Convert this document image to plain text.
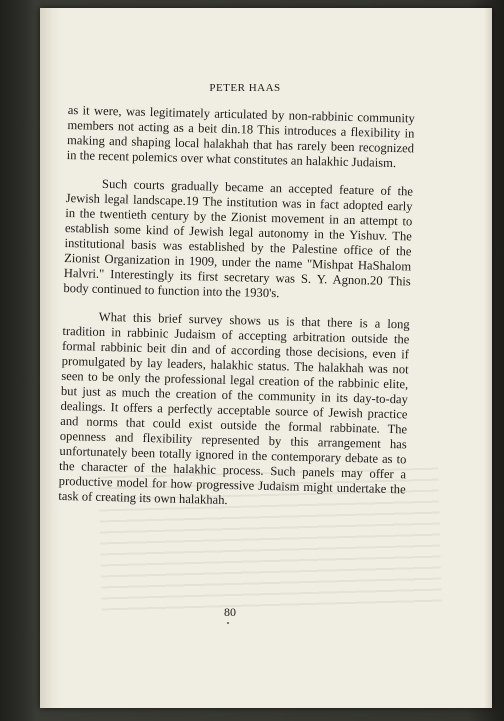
PETER HAAS

as it were, was legitimately articulated by non-rabbinic community members not acting as a beit din.18 This introduces a flexibility in making and shaping local halakhah that has rarely been recognized in the recent polemics over what constitutes an halakhic Judaism.

Such courts gradually became an accepted feature of the Jewish legal landscape.19 The institution was in fact adopted early in the twentieth century by the Zionist movement in an attempt to establish some kind of Jewish legal autonomy in the Yishuv. The institutional basis was established by the Palestine office of the Zionist Organization in 1909, under the name "Mishpat HaShalom Halvri." Interestingly its first secretary was S. Y. Agnon.20 This body continued to function into the 1930's.

What this brief survey shows us is that there is a long tradition in rabbinic Judaism of accepting arbitration outside the formal rabbinic beit din and of according those decisions, even if promulgated by lay leaders, halakhic status. The halakhah was not seen to be only the professional legal creation of the rabbinic elite, but just as much the creation of the community in its day-to-day dealings. It offers a perfectly acceptable source of Jewish practice and norms that could exist outside the formal rabbinate. The openness and flexibility represented by this arrangement has unfortunately been totally ignored in the contemporary debate as to the character of the halakhic process. Such panels may offer a productive model for how progressive Judaism might undertake the task of creating its own halakhah.

80
